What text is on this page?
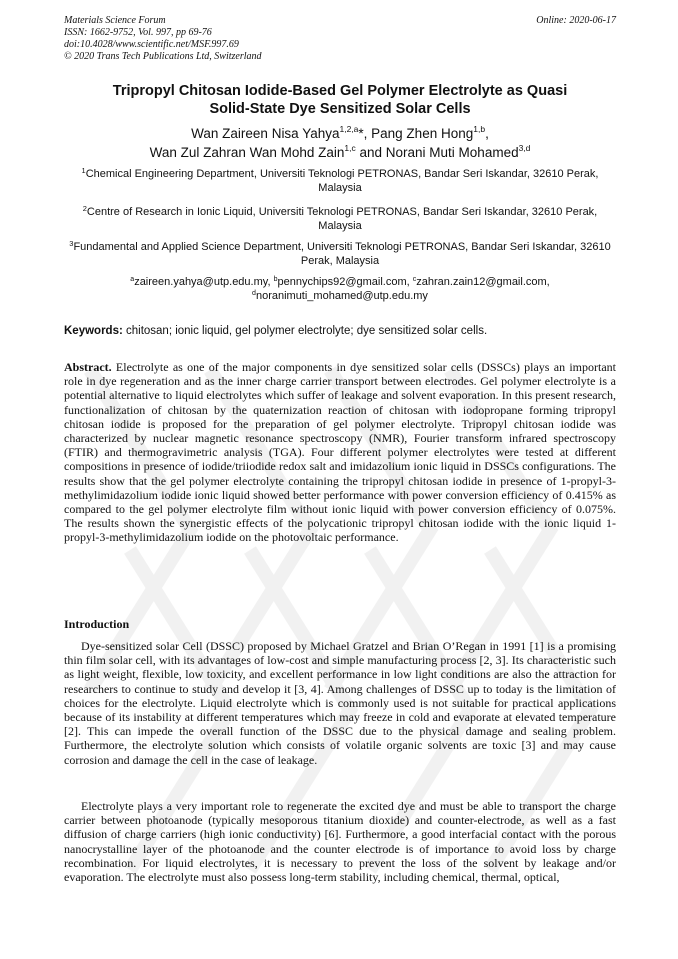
Materials Science Forum
ISSN: 1662-9752, Vol. 997, pp 69-76
doi:10.4028/www.scientific.net/MSF.997.69
© 2020 Trans Tech Publications Ltd, Switzerland
Online: 2020-06-17
Tripropyl Chitosan Iodide-Based Gel Polymer Electrolyte as Quasi
Solid-State Dye Sensitized Solar Cells
Wan Zaireen Nisa Yahya$^{1,2,a}$*, Pang Zhen Hong$^{1,b}$,
Wan Zul Zahran Wan Mohd Zain$^{1,c}$ and Norani Muti Mohamed$^{3,d}$
$^1$Chemical Engineering Department, Universiti Teknologi PETRONAS, Bandar Seri Iskandar, 32610 Perak, Malaysia
$^2$Centre of Research in Ionic Liquid, Universiti Teknologi PETRONAS, Bandar Seri Iskandar, 32610 Perak, Malaysia
$^3$Fundamental and Applied Science Department, Universiti Teknologi PETRONAS, Bandar Seri Iskandar, 32610 Perak, Malaysia
$^a$zaireen.yahya@utp.edu.my, $^b$pennychips92@gmail.com, $^c$zahran.zain12@gmail.com,
$^d$noranimuti_mohamed@utp.edu.my
Keywords: chitosan; ionic liquid, gel polymer electrolyte; dye sensitized solar cells.
Abstract. Electrolyte as one of the major components in dye sensitized solar cells (DSSCs) plays an important role in dye regeneration and as the inner charge carrier transport between electrodes. Gel polymer electrolyte is a potential alternative to liquid electrolytes which suffer of leakage and solvent evaporation. In this present research, functionalization of chitosan by the quaternization reaction of chitosan with iodopropane forming tripropyl chitosan iodide is proposed for the preparation of gel polymer electrolyte. Tripropyl chitosan iodide was characterized by nuclear magnetic resonance spectroscopy (NMR), Fourier transform infrared spectroscopy (FTIR) and thermogravimetric analysis (TGA). Four different polymer electrolytes were tested at different compositions in presence of iodide/triiodide redox salt and imidazolium ionic liquid in DSSCs configurations. The results show that the gel polymer electrolyte containing the tripropyl chitosan iodide in presence of 1-propyl-3-methylimidazolium iodide ionic liquid showed better performance with power conversion efficiency of 0.415% as compared to the gel polymer electrolyte film without ionic liquid with power conversion efficiency of 0.075%. The results shown the synergistic effects of the polycationic tripropyl chitosan iodide with the ionic liquid 1-propyl-3-methylimidazolium iodide on the photovoltaic performance.
Introduction
Dye-sensitized solar Cell (DSSC) proposed by Michael Gratzel and Brian O’Regan in 1991 [1] is a promising thin film solar cell, with its advantages of low-cost and simple manufacturing process [2, 3]. Its characteristic such as light weight, flexible, low toxicity, and excellent performance in low light conditions are also the attraction for researchers to continue to study and develop it [3, 4]. Among challenges of DSSC up to today is the limitation of choices for the electrolyte. Liquid electrolyte which is commonly used is not suitable for practical applications because of its instability at different temperatures which may freeze in cold and evaporate at elevated temperature [2]. This can impede the overall function of the DSSC due to the physical damage and sealing problem. Furthermore, the electrolyte solution which consists of volatile organic solvents are toxic [3] and may cause corrosion and damage the cell in the case of leakage.
Electrolyte plays a very important role to regenerate the excited dye and must be able to transport the charge carrier between photoanode (typically mesoporous titanium dioxide) and counter-electrode, as well as a fast diffusion of charge carriers (high ionic conductivity) [6]. Furthermore, a good interfacial contact with the porous nanocrystalline layer of the photoanode and the counter electrode is of importance to avoid loss by charge recombination. For liquid electrolytes, it is necessary to prevent the loss of the solvent by leakage and/or evaporation. The electrolyte must also possess long-term stability, including chemical, thermal, optical,
